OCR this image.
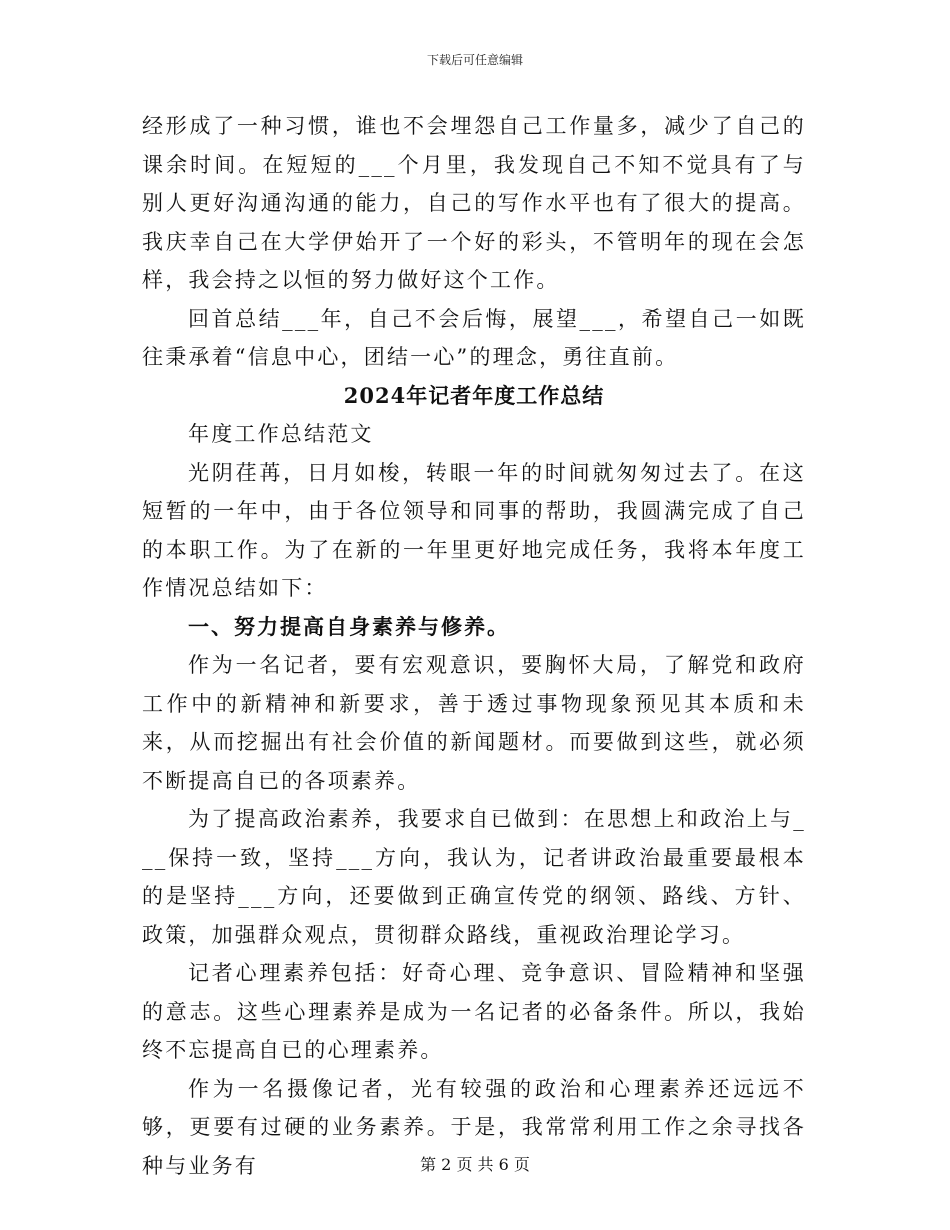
下载后可任意编辑

经形成了一种习惯，谁也不会埋怨自己工作量多，减少了自己的课余时间。在短短的___个月里，我发现自己不知不觉具有了与别人更好沟通沟通的能力，自己的写作水平也有了很大的提高。我庆幸自己在大学伊始开了一个好的彩头，不管明年的现在会怎样，我会持之以恒的努力做好这个工作。

回首总结___年，自己不会后悔，展望___，希望自己一如既往秉承着“信息中心，团结一心”的理念，勇往直前。

2024年记者年度工作总结

年度工作总结范文

光阴荏苒，日月如梭，转眼一年的时间就匆匆过去了。在这短暂的一年中，由于各位领导和同事的帮助，我圆满完成了自己的本职工作。为了在新的一年里更好地完成任务，我将本年度工作情况总结如下：

一、努力提高自身素养与修养。

作为一名记者，要有宏观意识，要胸怀大局，了解党和政府工作中的新精神和新要求，善于透过事物现象预见其本质和未来，从而挖掘出有社会价值的新闻题材。而要做到这些，就必须不断提高自已的各项素养。

为了提高政治素养，我要求自已做到：在思想上和政治上与___保持一致，坚持___方向，我认为，记者讲政治最重要最根本的是坚持___方向，还要做到正确宣传党的纲领、路线、方针、政策，加强群众观点，贯彻群众路线，重视政治理论学习。

记者心理素养包括：好奇心理、竞争意识、冒险精神和坚强的意志。这些心理素养是成为一名记者的必备条件。所以，我始终不忘提高自已的心理素养。

作为一名摄像记者，光有较强的政治和心理素养还远远不够，更要有过硬的业务素养。于是，我常常利用工作之余寻找各种与业务有	第 2 页 共 6 页
